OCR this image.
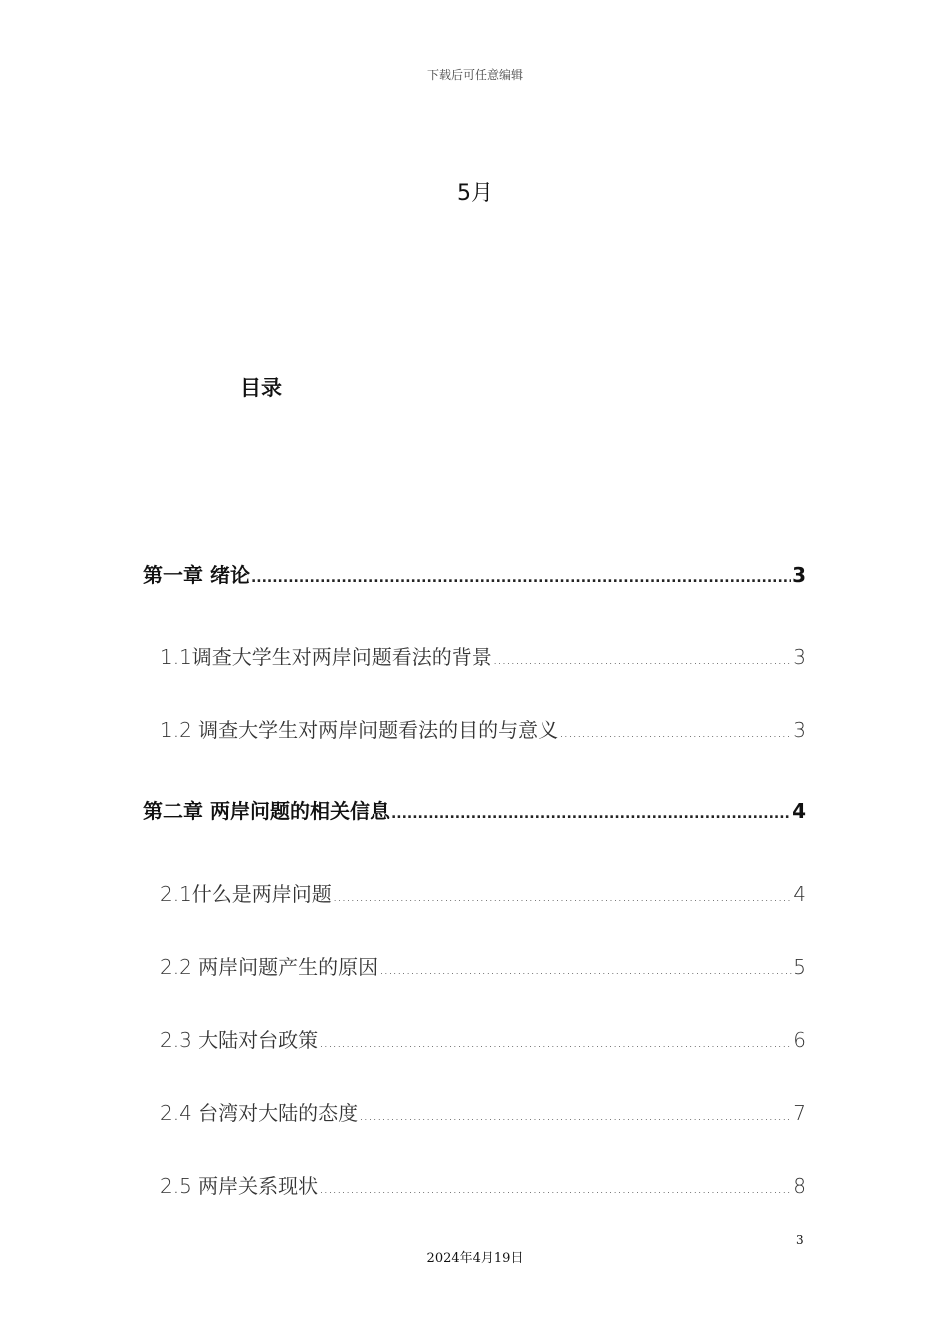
下载后可任意编辑
5月
目录
第一章 绪论 .....	3
1.1调查大学生对两岸问题看法的背景 .....	3
1.2 调查大学生对两岸问题看法的目的与意义 .....	3
第二章 两岸问题的相关信息 .....	4
2.1什么是两岸问题 .....	4
2.2 两岸问题产生的原因 .....	5
2.3 大陆对台政策 .....	6
2.4 台湾对大陆的态度 .....	7
2.5 两岸关系现状 .....	8
3
2024年4月19日
